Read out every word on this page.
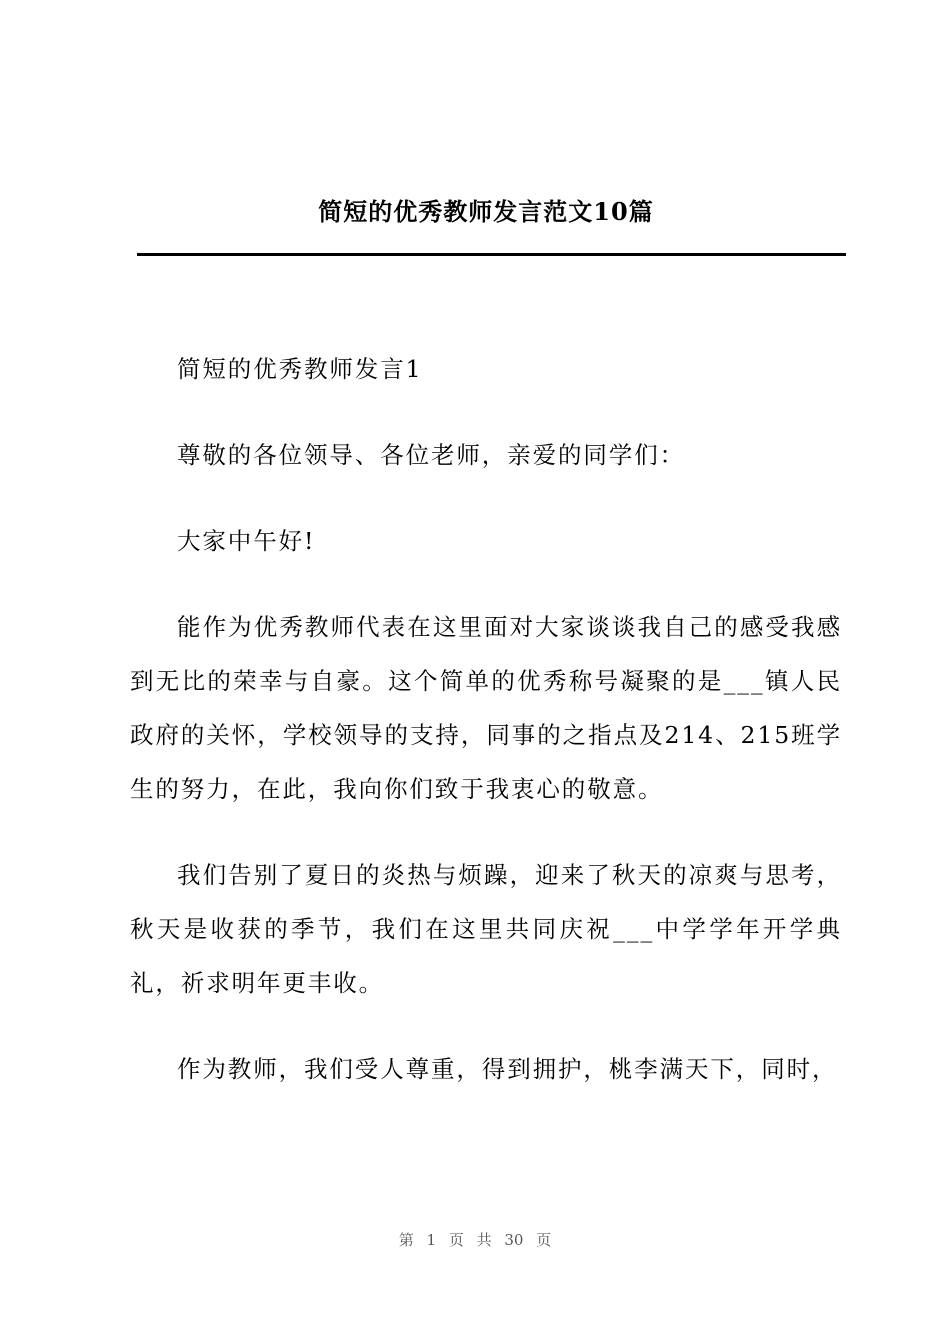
简短的优秀教师发言范文10篇

简短的优秀教师发言1

尊敬的各位领导、各位老师，亲爱的同学们：

大家中午好!

能作为优秀教师代表在这里面对大家谈谈我自己的感受我感到无比的荣幸与自豪。这个简单的优秀称号凝聚的是___镇人民政府的关怀，学校领导的支持，同事的之指点及214、215班学生的努力，在此，我向你们致于我衷心的敬意。

我们告别了夏日的炎热与烦躁，迎来了秋天的凉爽与思考，秋天是收获的季节，我们在这里共同庆祝___中学学年开学典礼，祈求明年更丰收。

作为教师，我们受人尊重，得到拥护，桃李满天下，同时，

第 1 页 共 30 页
